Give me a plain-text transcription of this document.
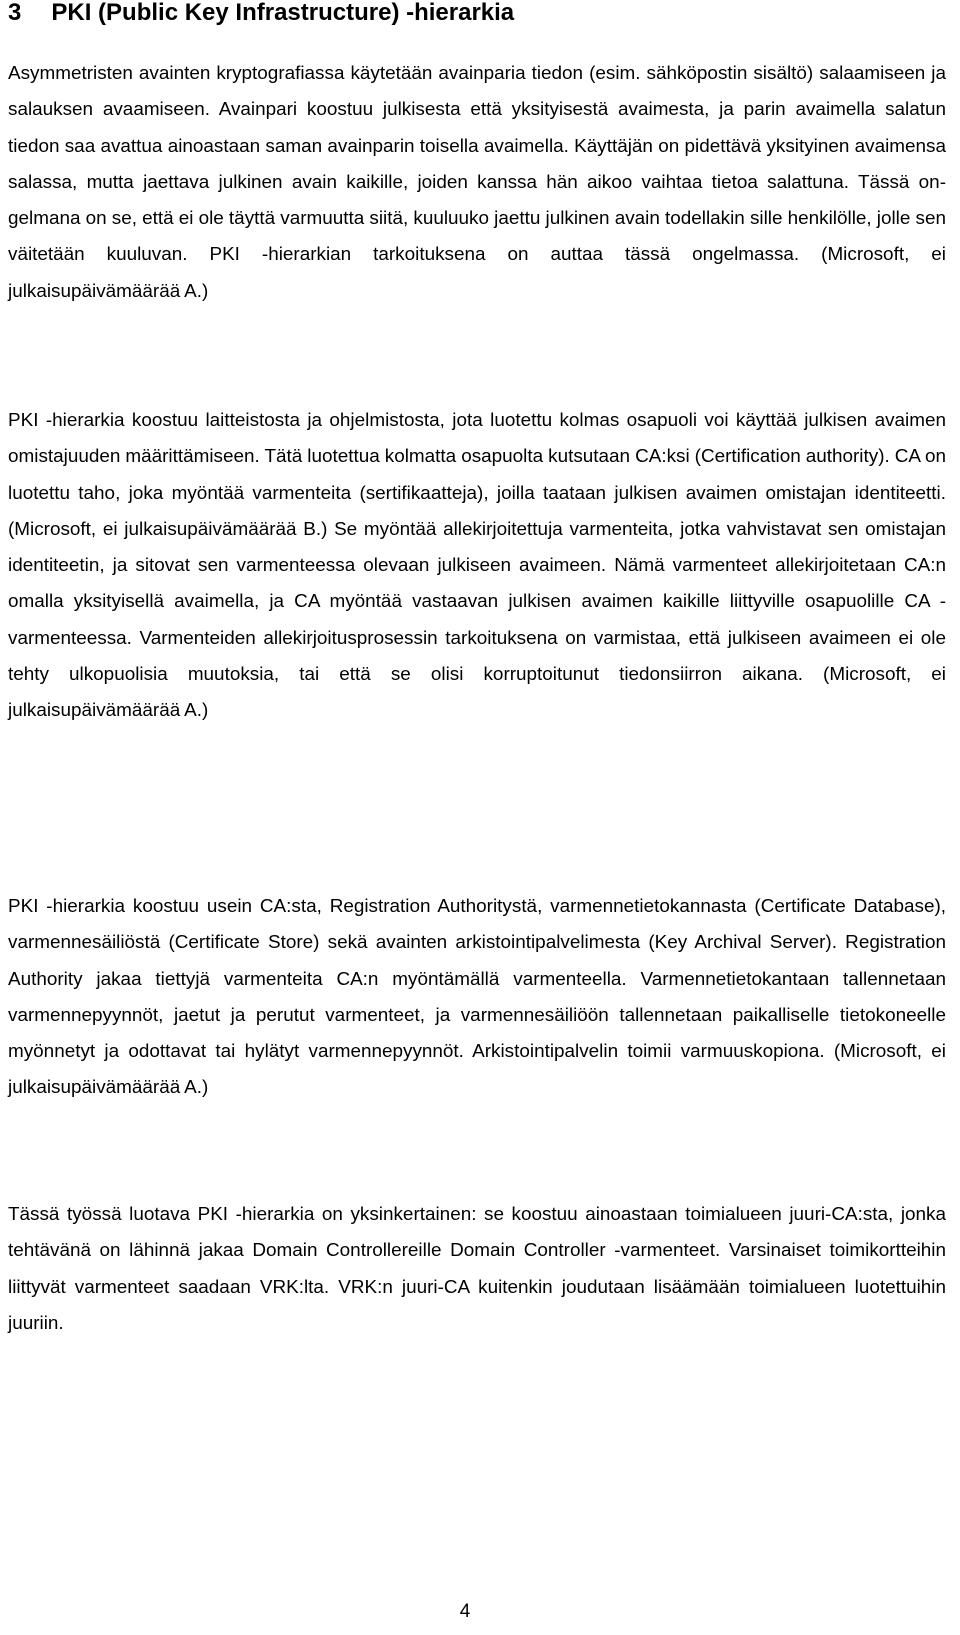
3 PKI (Public Key Infrastructure) -hierarkia

Asymmetristen avainten kryptografiassa käytetään avainparia tiedon (esim. sähköpostin sisältö) salaamiseen ja salauksen avaamiseen. Avainpari koostuu julkisesta että yksityisestä avaimesta, ja parin avaimella salatun tiedon saa avattua ainoastaan saman avainparin toisella avaimella. Käyttäjän on pidettävä yksityinen avaimensa salassa, mutta jaettava julkinen avain kaikille, joiden kanssa hän aikoo vaihtaa tietoa salattuna. Tässä ongelmana on se, että ei ole täyttä varmuutta siitä, kuuluuko jaettu julkinen avain todellakin sille henkilölle, jolle sen väitetään kuuluvan. PKI -hierarkian tarkoituksena on auttaa tässä ongelmassa. (Microsoft, ei julkaisupäivämäärää A.)

PKI -hierarkia koostuu laitteistosta ja ohjelmistosta, jota luotettu kolmas osapuoli voi käyttää julkisen avaimen omistajuuden määrittämiseen. Tätä luotettua kolmatta osapuolta kutsutaan CA:ksi (Certification authority). CA on luotettu taho, joka myöntää varmenteita (sertifikaatteja), joilla taataan julkisen avaimen omistajan identiteetti. (Microsoft, ei julkaisupäivämäärää B.) Se myöntää allekirjoitettuja varmenteita, jotka vahvistavat sen omistajan identiteetin, ja sitovat sen varmenteessa olevaan julkiseen avaimeen. Nämä varmenteet allekirjoitetaan CA:n omalla yksityisellä avaimella, ja CA myöntää vastaavan julkisen avaimen kaikille liittyville osapuolille CA -varmenteessa. Varmenteiden allekirjoitusprosessin tarkoituksena on varmistaa, että julkiseen avaimeen ei ole tehty ulkopuolisia muutoksia, tai että se olisi korruptoitunut tiedonsiirron aikana. (Microsoft, ei julkaisupäivämäärää A.)

PKI -hierarkia koostuu usein CA:sta, Registration Authoritystä, varmennetietokannasta (Certificate Database), varmennesäiliöstä (Certificate Store) sekä avainten arkistointipalvelimesta (Key Archival Server). Registration Authority jakaa tiettyjä varmenteita CA:n myöntämällä varmenteella. Varmennetietokantaan tallennetaan varmennepyynnöt, jaetut ja perutut varmenteet, ja varmennesäiliöön tallennetaan paikalliselle tietokoneelle myönnetyt ja odottavat tai hylätyt varmennepyynnöt. Arkistointipalvelin toimii varmuuskopiona. (Microsoft, ei julkaisupäivämäärää A.)

Tässä työssä luotava PKI -hierarkia on yksinkertainen: se koostuu ainoastaan toimialueen juuri-CA:sta, jonka tehtävänä on lähinnä jakaa Domain Controllereille Domain Controller -varmenteet. Varsinaiset toimikortteihin liittyvät varmenteet saadaan VRK:lta. VRK:n juuri-CA kuitenkin joudutaan lisäämään toimialueen luotettuihin juuriin.

4
